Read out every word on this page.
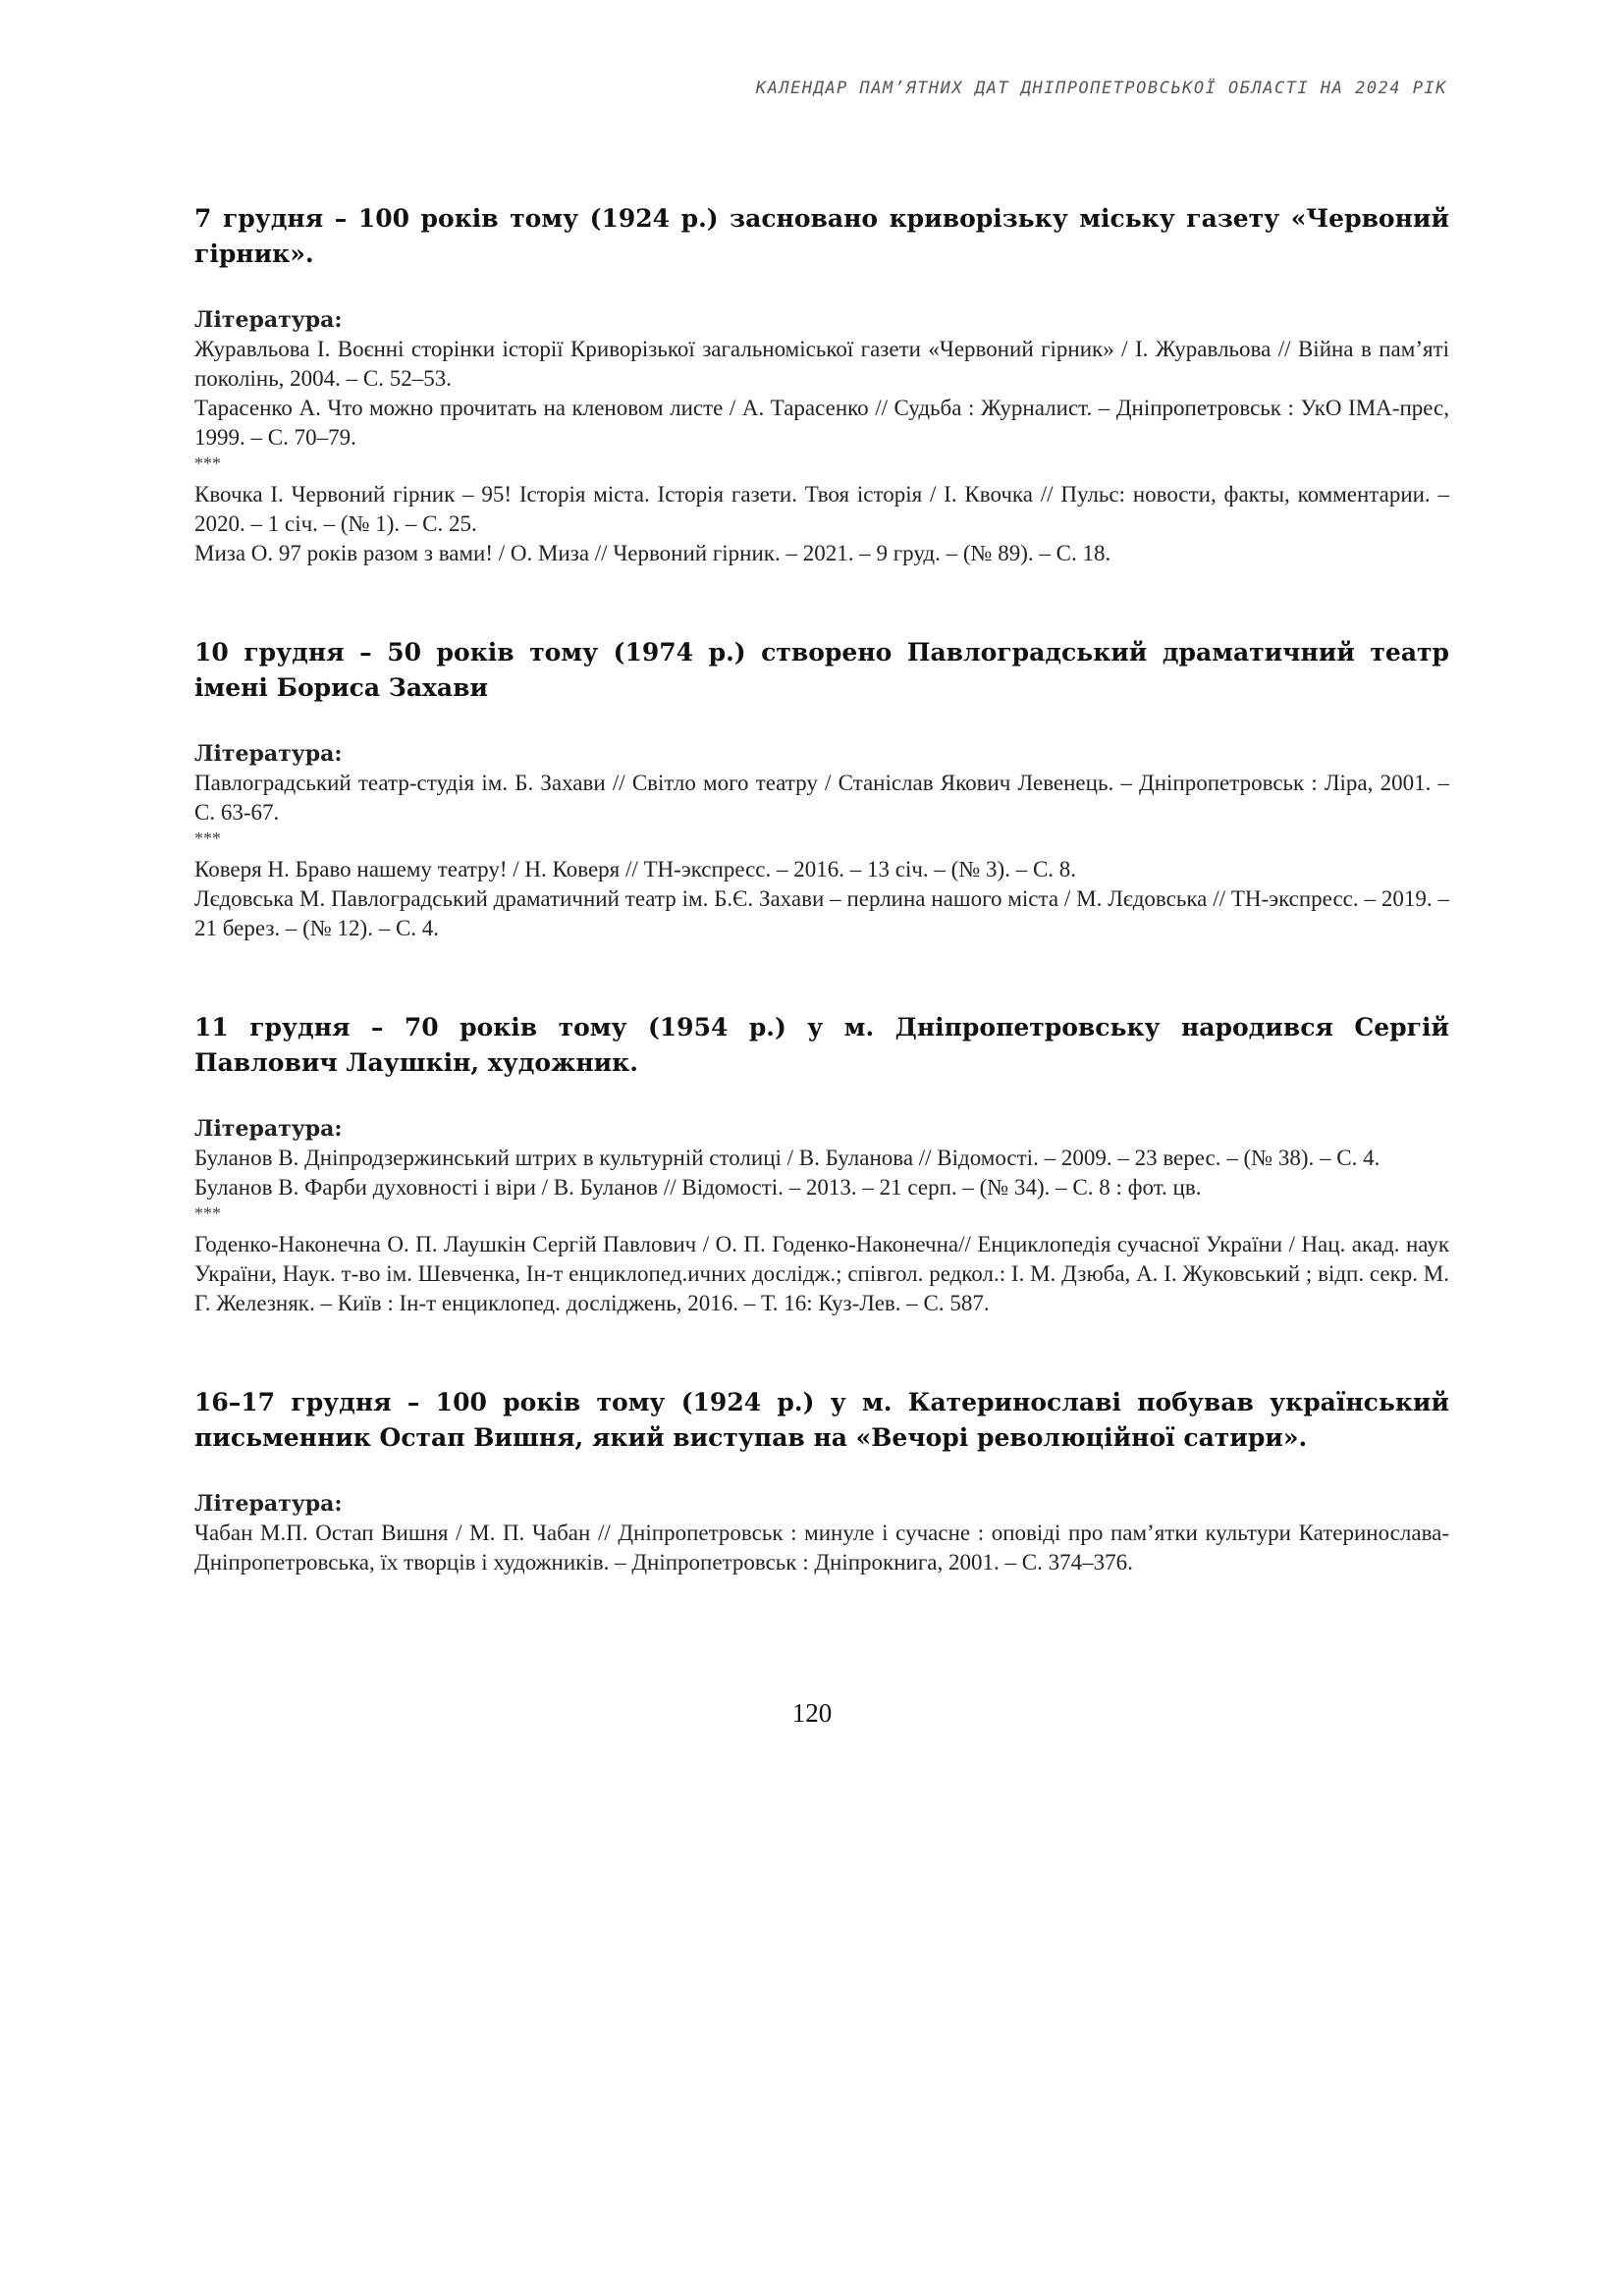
КАЛЕНДАР ПАМ’ЯТНИХ ДАТ ДНІПРОПЕТРОВСЬКОЇ ОБЛАСТІ НА 2024 РІК
7 грудня – 100 років тому (1924 р.) засновано криворізьку міську газету «Червоний гірник».

Література:

Журавльова І. Воєнні сторінки історії Криворізької загальноміської газети «Червоний гірник» / І. Журавльова // Війна в пам’яті поколінь, 2004. – С. 52–53.

Тарасенко А. Что можно прочитать на кленовом листе / А. Тарасенко // Судьба : Журналист. – Дніпропетровськ : УкО ІМА-прес, 1999. – С. 70–79.

***

Квочка І. Червоний гірник – 95! Історія міста. Історія газети. Твоя історія / І. Квочка // Пульс: новости, факты, комментарии. – 2020. – 1 січ. – (№ 1). – С. 25.

Миза О. 97 років разом з вами! / О. Миза // Червоний гірник. – 2021. – 9 груд. – (№ 89). – С. 18.

10 грудня – 50 років тому (1974 р.) створено Павлоградський драматичний театр імені Бориса Захави

Література:

Павлоградський театр-студія ім. Б. Захави // Світло мого театру / Станіслав Якович Левенець. – Дніпропетровськ : Ліра, 2001. – С. 63-67.

***

Коверя Н. Браво нашему театру! / Н. Коверя // ТН-экспресс. – 2016. – 13 січ. – (№ 3). – С. 8.

Лєдовська М. Павлоградський драматичний театр ім. Б.Є. Захави – перлина нашого міста / М. Лєдовська // ТН-экспресс. – 2019. – 21 берез. – (№ 12). – С. 4.

11 грудня – 70 років тому (1954 р.) у м. Дніпропетровську народився Сергій Павлович Лаушкін, художник.

Література:

Буланов В. Дніпродзержинський штрих в культурній столиці / В. Буланова // Відомості. – 2009. – 23 верес. – (№ 38). – С. 4.

Буланов В. Фарби духовності і віри / В. Буланов // Відомості. – 2013. – 21 серп. – (№ 34). – С. 8 : фот. цв.

***

Годенко-Наконечна О. П. Лаушкін Сергій Павлович / О. П. Годенко-Наконечна// Енциклопедія сучасної України / Нац. акад. наук України, Наук. т-во ім. Шевченка, Ін-т енциклопед.ичних дослідж.; співгол. редкол.: І. М. Дзюба, А. І. Жуковський ; відп. секр. М. Г. Железняк. – Київ : Ін-т енциклопед. досліджень, 2016. – Т. 16: Куз-Лев. – С. 587.

16–17 грудня – 100 років тому (1924 р.) у м. Катеринославі побував український письменник Остап Вишня, який виступав на «Вечорі революційної сатири».

Література:

Чабан М.П. Остап Вишня / М. П. Чабан // Дніпропетровськ : минуле і сучасне : оповіді про пам’ятки культури Катеринослава-Дніпропетровська, їх творців і художників. – Дніпропетровськ : Дніпрокнига, 2001. – С. 374–376.

120
